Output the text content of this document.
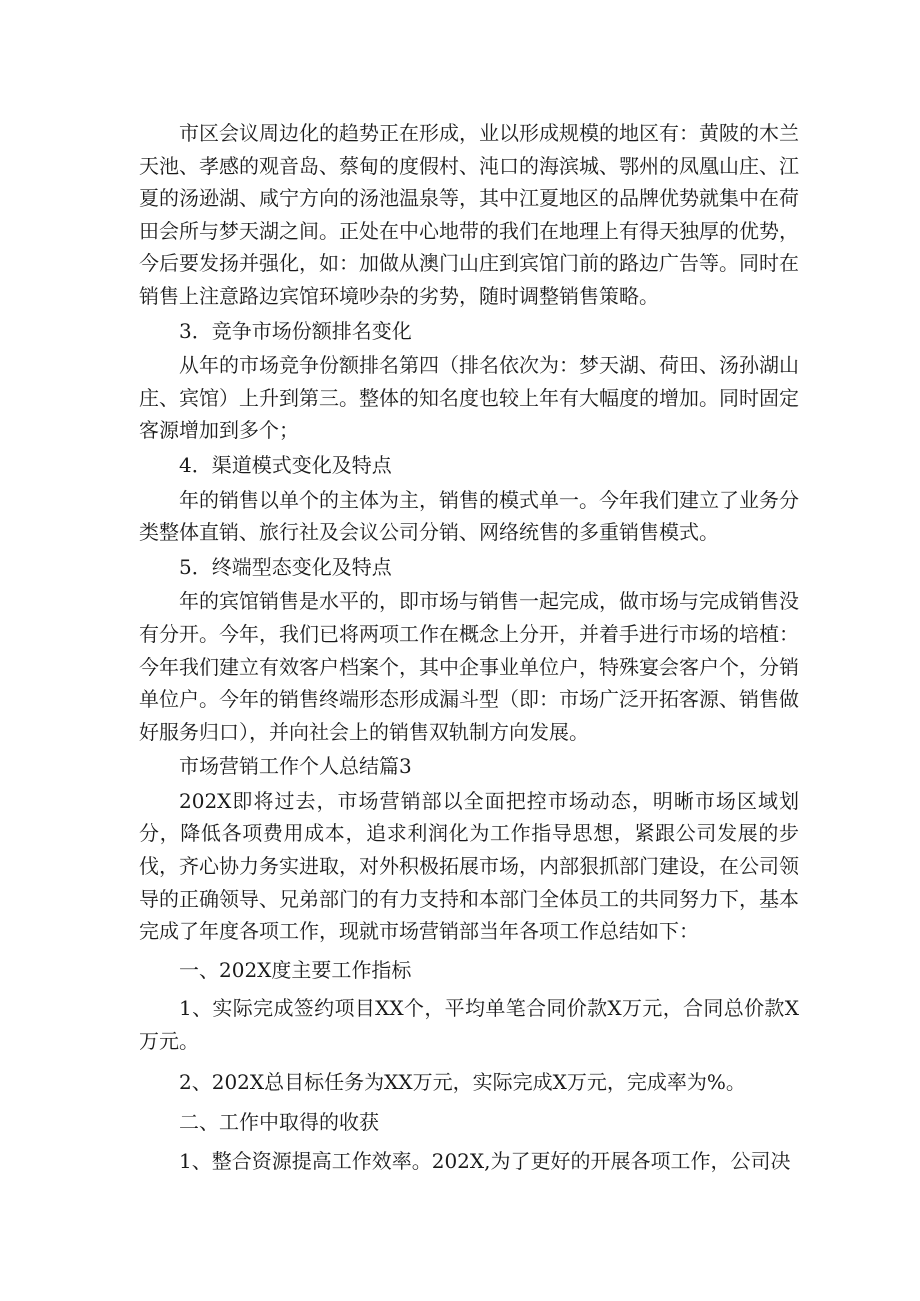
市区会议周边化的趋势正在形成，业以形成规模的地区有：黄陂的木兰天池、孝感的观音岛、蔡甸的度假村、沌口的海滨城、鄂州的凤凰山庄、江夏的汤逊湖、咸宁方向的汤池温泉等，其中江夏地区的品牌优势就集中在荷田会所与梦天湖之间。正处在中心地带的我们在地理上有得天独厚的优势，今后要发扬并强化，如：加做从澳门山庄到宾馆门前的路边广告等。同时在销售上注意路边宾馆环境吵杂的劣势，随时调整销售策略。

3．竞争市场份额排名变化

从年的市场竞争份额排名第四（排名依次为：梦天湖、荷田、汤孙湖山庄、宾馆）上升到第三。整体的知名度也较上年有大幅度的增加。同时固定客源增加到多个；

4．渠道模式变化及特点

年的销售以单个的主体为主，销售的模式单一。今年我们建立了业务分类整体直销、旅行社及会议公司分销、网络统售的多重销售模式。

5．终端型态变化及特点

年的宾馆销售是水平的，即市场与销售一起完成，做市场与完成销售没有分开。今年，我们已将两项工作在概念上分开，并着手进行市场的培植：今年我们建立有效客户档案个，其中企事业单位户，特殊宴会客户个，分销单位户。今年的销售终端形态形成漏斗型（即：市场广泛开拓客源、销售做好服务归口），并向社会上的销售双轨制方向发展。

市场营销工作个人总结篇3

202X即将过去，市场营销部以全面把控市场动态，明晰市场区域划分，降低各项费用成本，追求利润化为工作指导思想，紧跟公司发展的步伐，齐心协力务实进取，对外积极拓展市场，内部狠抓部门建设，在公司领导的正确领导、兄弟部门的有力支持和本部门全体员工的共同努力下，基本完成了年度各项工作，现就市场营销部当年各项工作总结如下：

一、202X度主要工作指标

1、实际完成签约项目XX个，平均单笔合同价款X万元，合同总价款X万元。

2、202X总目标任务为XX万元，实际完成X万元，完成率为%。

二、工作中取得的收获

1、整合资源提高工作效率。202X,为了更好的开展各项工作，公司决
